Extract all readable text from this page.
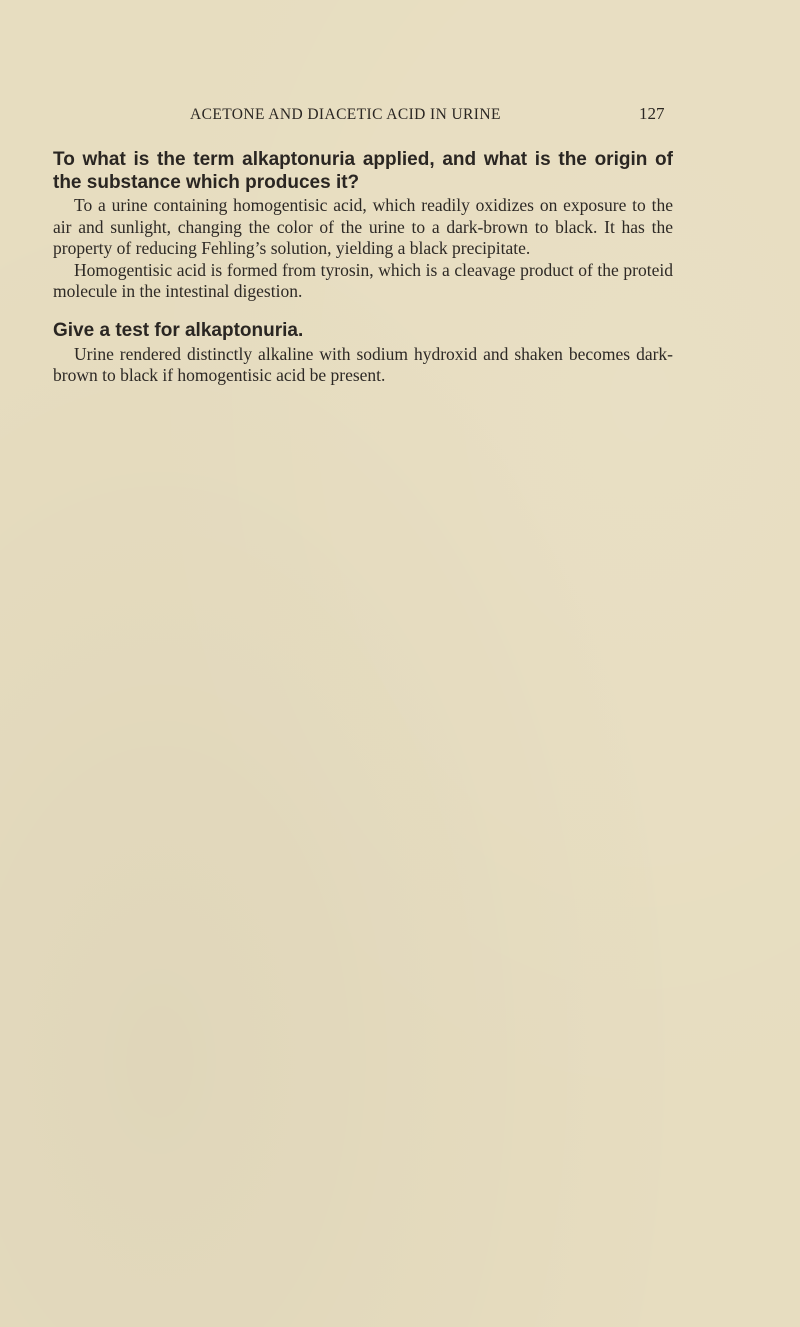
ACETONE AND DIACETIC ACID IN URINE	127

To what is the term alkaptonuria applied, and what is the origin of the substance which produces it?

To a urine containing homogentisic acid, which readily oxidizes on exposure to the air and sunlight, changing the color of the urine to a dark-brown to black. It has the property of reducing Fehling’s solution, yielding a black precipitate.

Homogentisic acid is formed from tyrosin, which is a cleavage product of the proteid molecule in the intestinal digestion.

Give a test for alkaptonuria.

Urine rendered distinctly alkaline with sodium hydroxid and shaken becomes dark-brown to black if homogentisic acid be present.
